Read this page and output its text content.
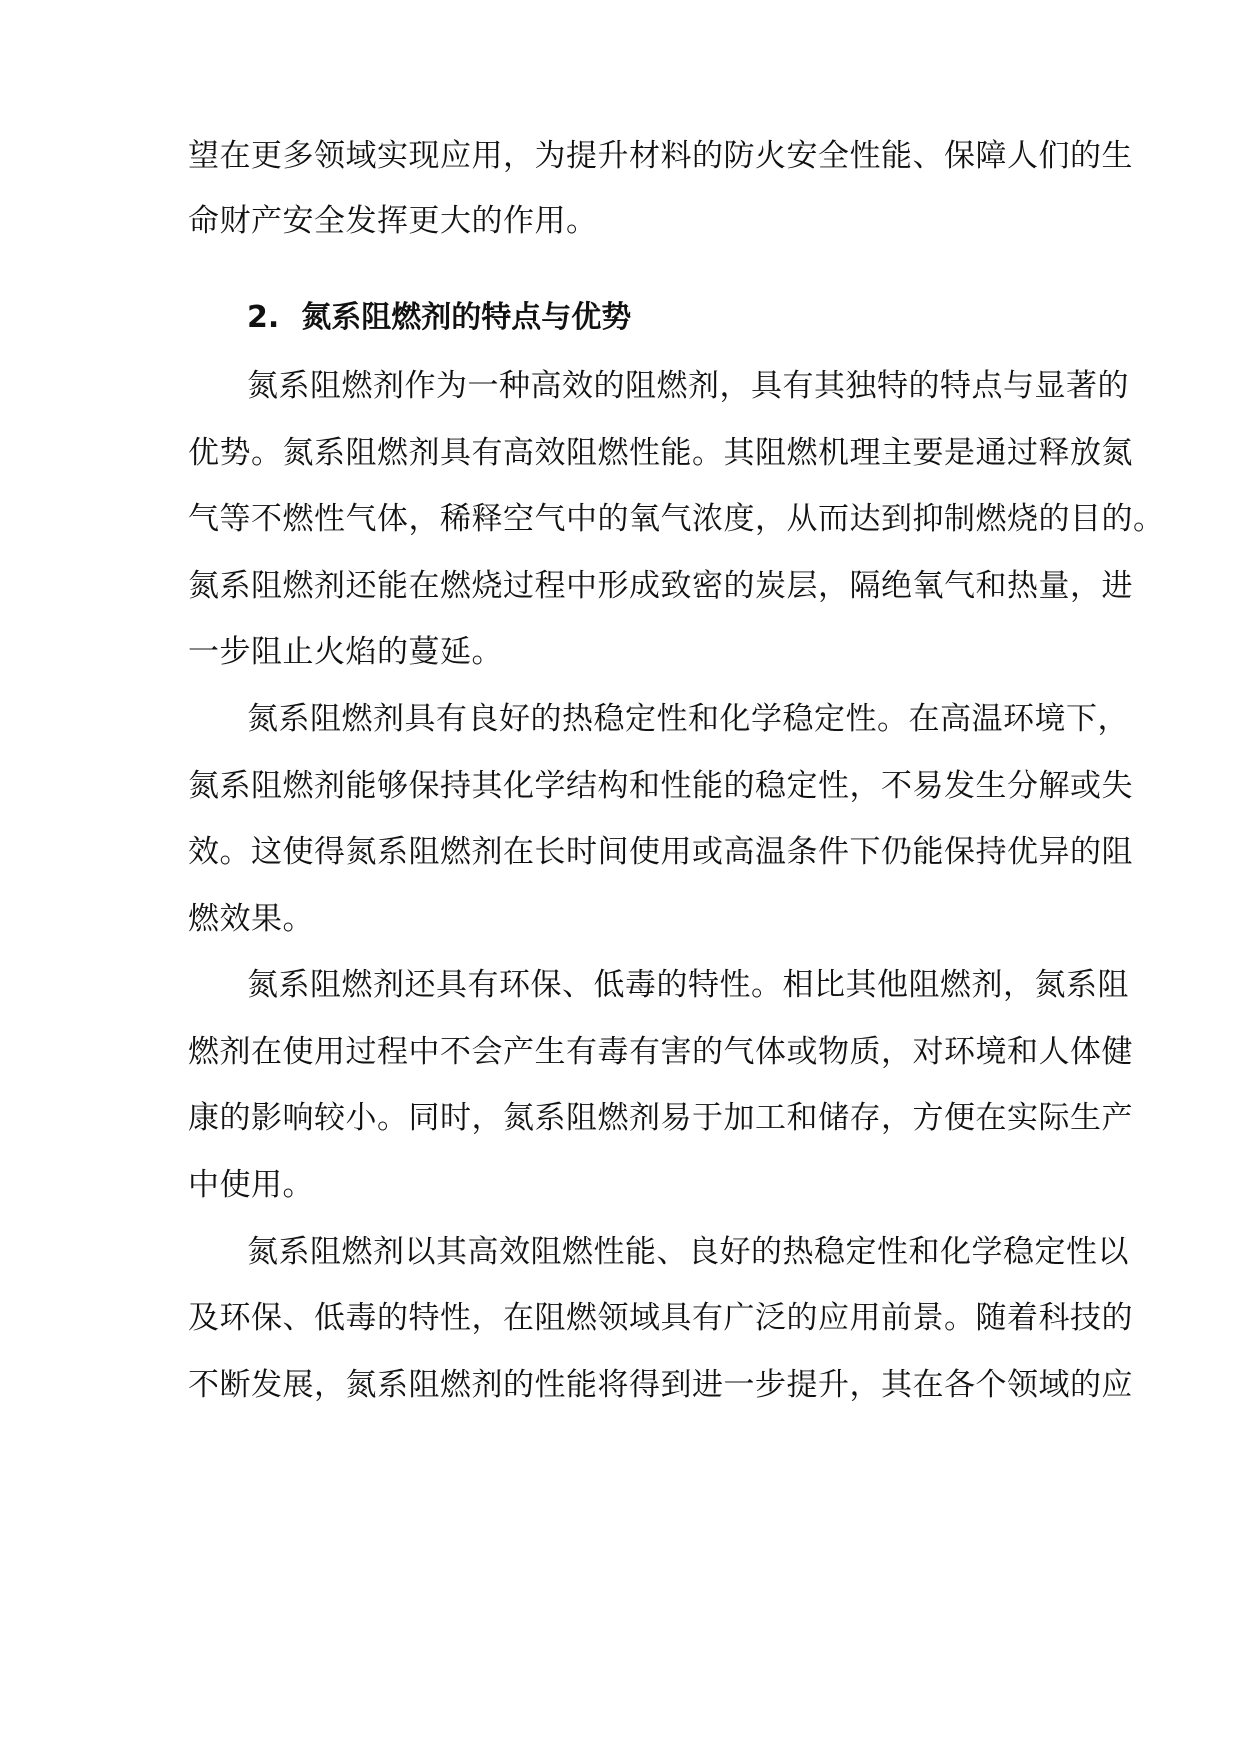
望在更多领域实现应用，为提升材料的防火安全性能、保障人们的生
命财产安全发挥更大的作用。
2. 氮系阻燃剂的特点与优势
氮系阻燃剂作为一种高效的阻燃剂，具有其独特的特点与显著的
优势。氮系阻燃剂具有高效阻燃性能。其阻燃机理主要是通过释放氮
气等不燃性气体，稀释空气中的氧气浓度，从而达到抑制燃烧的目的。
氮系阻燃剂还能在燃烧过程中形成致密的炭层，隔绝氧气和热量，进
一步阻止火焰的蔓延。
氮系阻燃剂具有良好的热稳定性和化学稳定性。在高温环境下，
氮系阻燃剂能够保持其化学结构和性能的稳定性，不易发生分解或失
效。这使得氮系阻燃剂在长时间使用或高温条件下仍能保持优异的阻
燃效果。
氮系阻燃剂还具有环保、低毒的特性。相比其他阻燃剂，氮系阻
燃剂在使用过程中不会产生有毒有害的气体或物质，对环境和人体健
康的影响较小。同时，氮系阻燃剂易于加工和储存，方便在实际生产
中使用。
氮系阻燃剂以其高效阻燃性能、良好的热稳定性和化学稳定性以
及环保、低毒的特性，在阻燃领域具有广泛的应用前景。随着科技的
不断发展，氮系阻燃剂的性能将得到进一步提升，其在各个领域的应
